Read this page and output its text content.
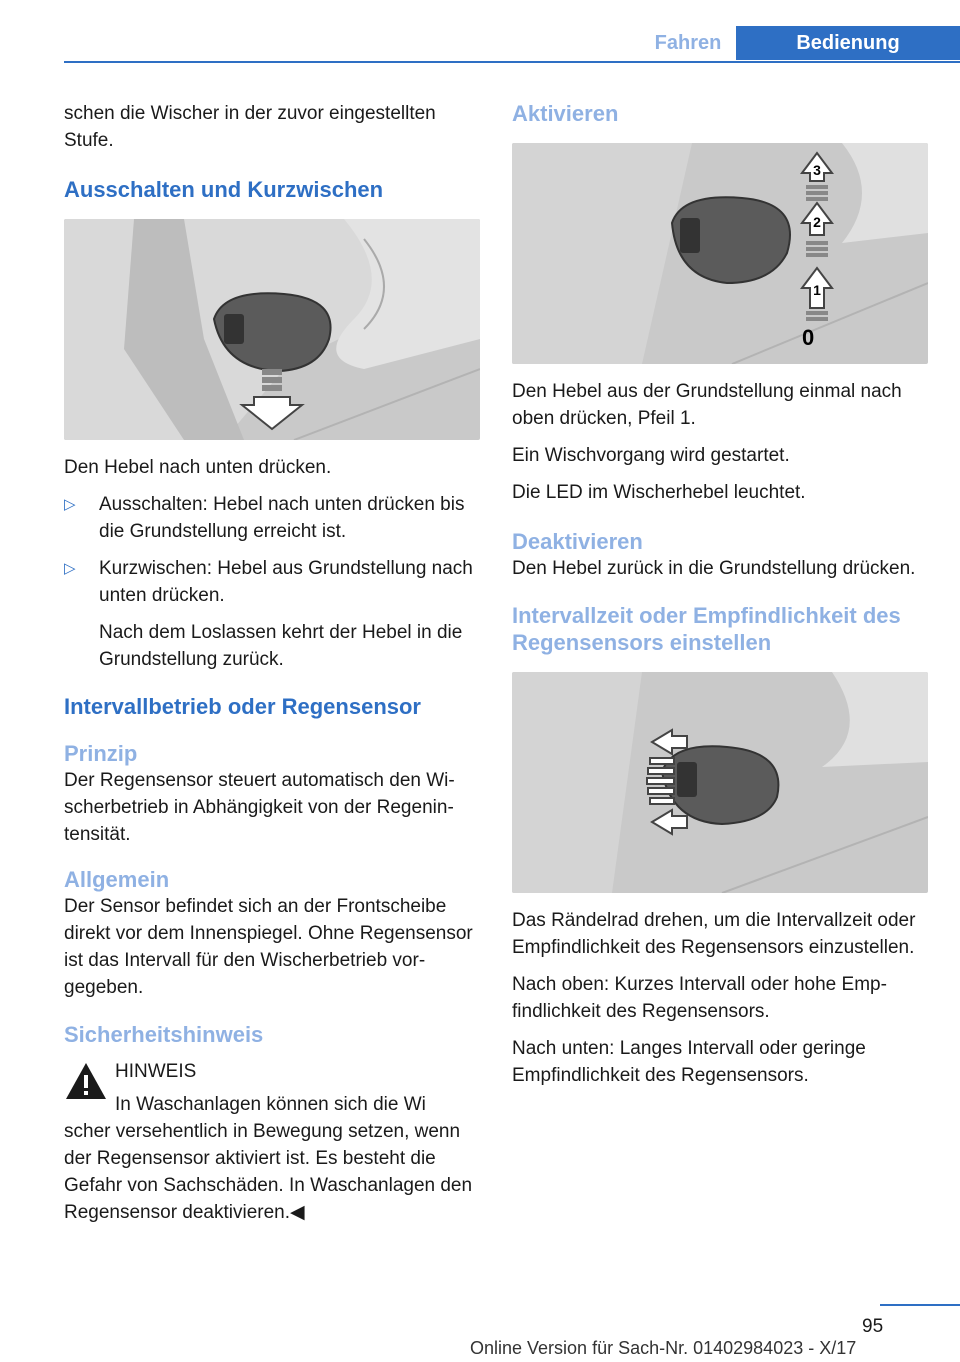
Fahren	Bedienung

schen die Wischer in der zuvor eingestellten Stufe.

Ausschalten und Kurzwischen

Den Hebel nach unten drücken.

▷ Ausschalten: Hebel nach unten drücken bis die Grundstellung erreicht ist.
▷ Kurzwischen: Hebel aus Grundstellung nach unten drücken.
Nach dem Loslassen kehrt der Hebel in die Grundstellung zurück.
Intervallbetrieb oder Regensensor
Prinzip

Der Regensensor steuert automatisch den Wischerbetrieb in Abhängigkeit von der Regenintensität.

Allgemein

Der Sensor befindet sich an der Frontscheibe direkt vor dem Innenspiegel. Ohne Regensensor ist das Intervall für den Wischerbetrieb vorgegeben.

Sicherheitshinweis

HINWEIS

In Waschanlagen können sich die Wi

scher versehentlich in Bewegung setzen, wenn der Regensensor aktiviert ist. Es besteht die Gefahr von Sachschäden. In Waschanlagen den Regensensor deaktivieren.◀

Aktivieren
3
2
1
0

Den Hebel aus der Grundstellung einmal nach oben drücken, Pfeil 1.

Ein Wischvorgang wird gestartet.

Die LED im Wischerhebel leuchtet.

Deaktivieren

Den Hebel zurück in die Grundstellung drücken.

Intervallzeit oder Empfindlichkeit des Regensensors einstellen

Das Rändelrad drehen, um die Intervallzeit oder Empfindlichkeit des Regensensors einzustellen.

Nach oben: Kurzes Intervall oder hohe Empfindlichkeit des Regensensors.

Nach unten: Langes Intervall oder geringe Empfindlichkeit des Regensensors.

95
Online Version für Sach-Nr. 01402984023 - X/17
